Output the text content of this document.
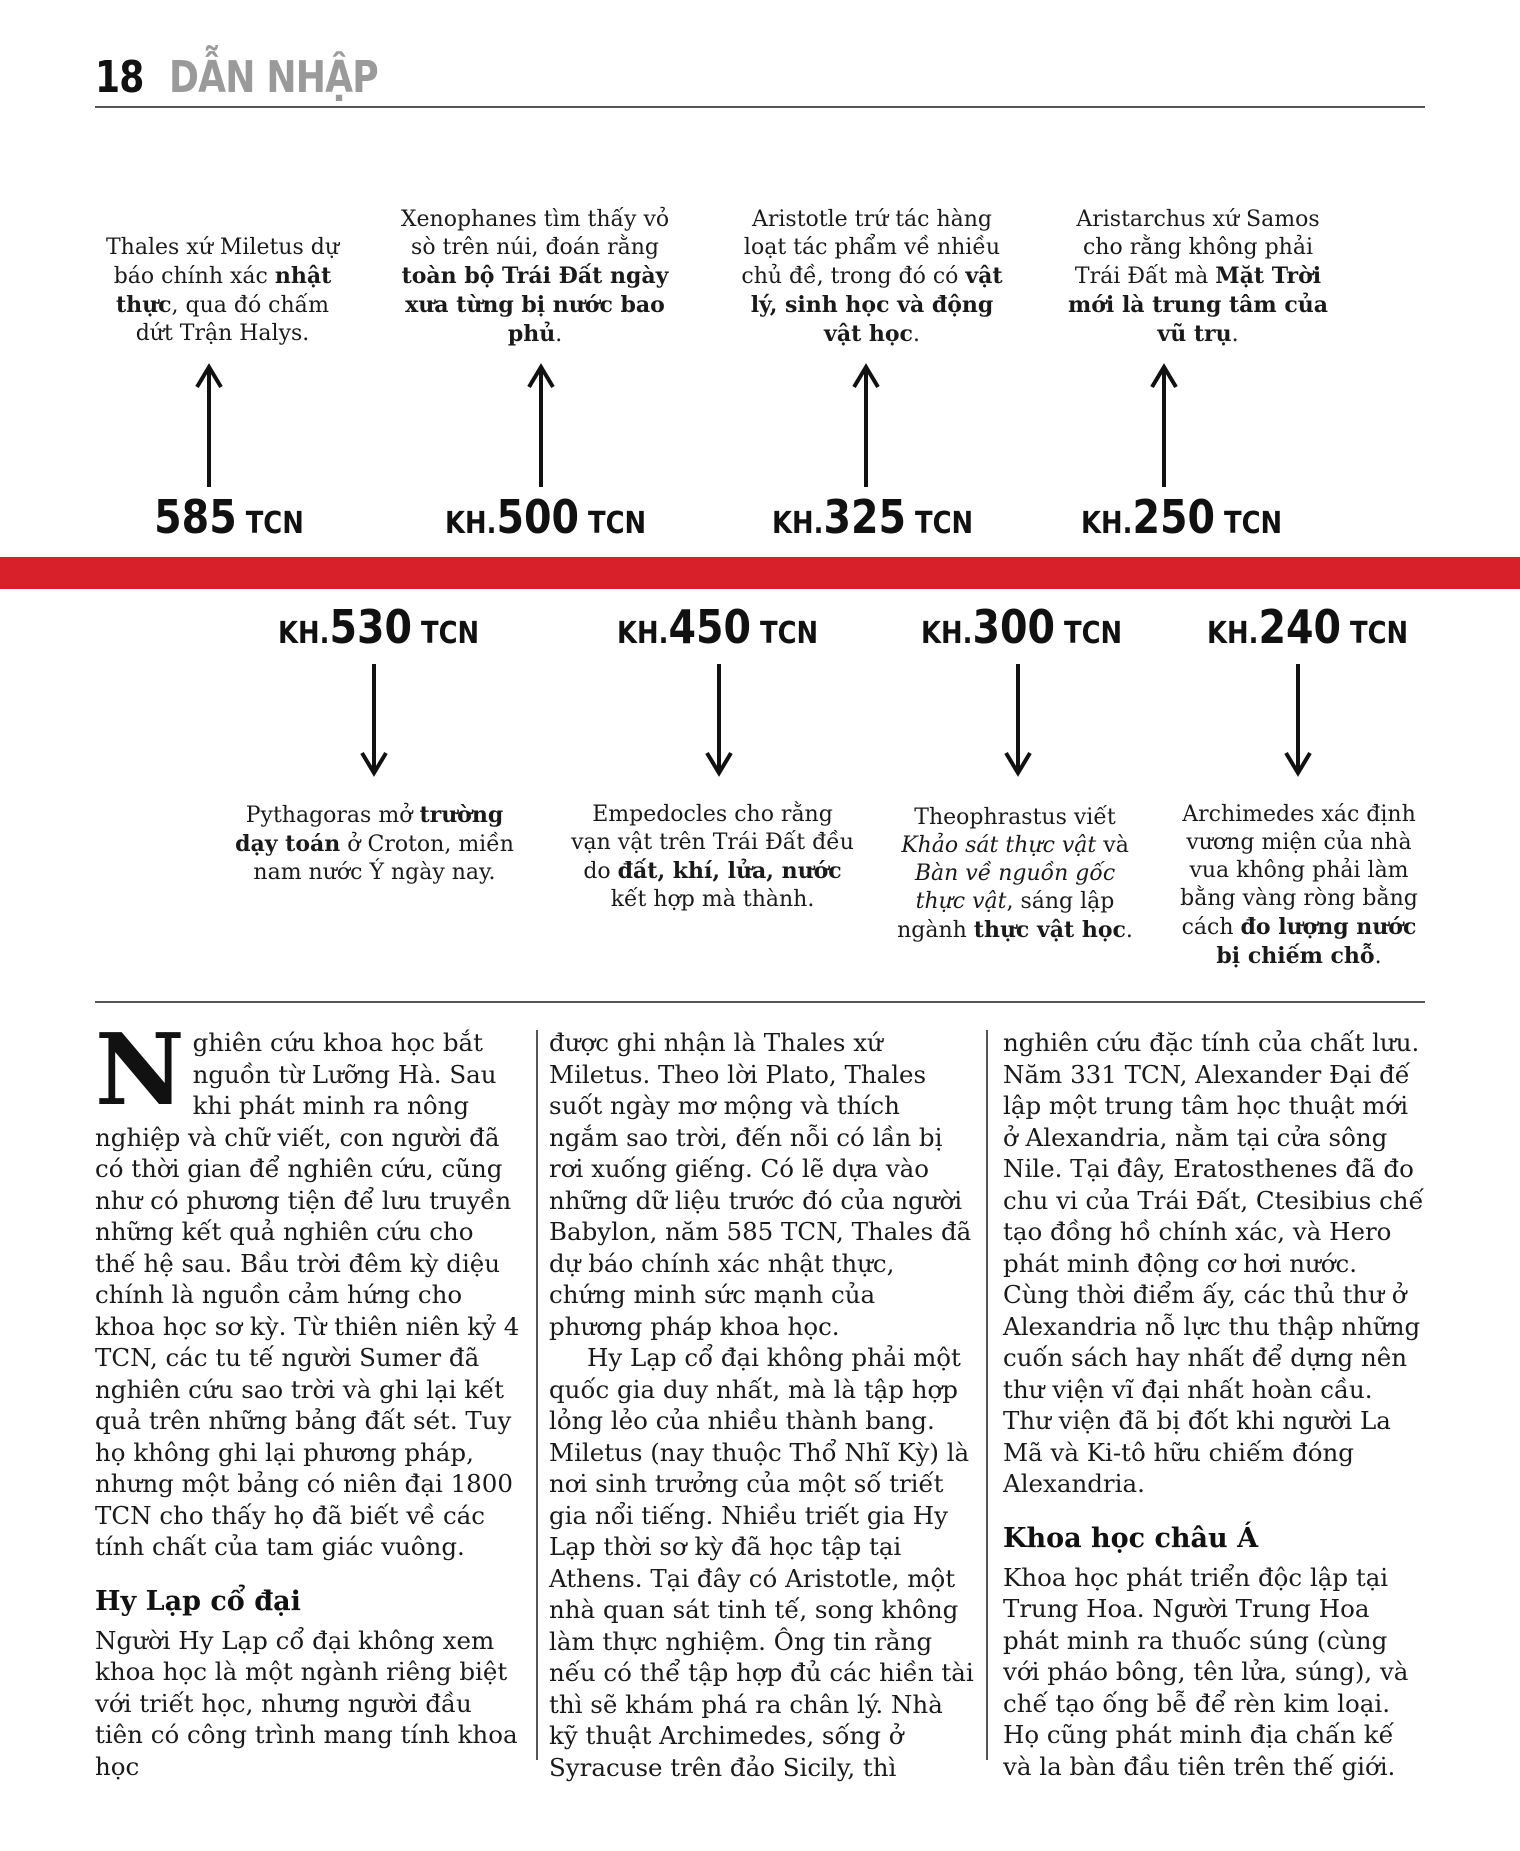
18 DẪN NHẬP
Thales xứ Miletus dự báo chính xác nhật thực, qua đó chấm dứt Trận Halys.
Xenophanes tìm thấy vỏ sò trên núi, đoán rằng toàn bộ Trái Đất ngày xưa từng bị nước bao phủ.
Aristotle trứ tác hàng loạt tác phẩm về nhiều chủ đề, trong đó có vật lý, sinh học và động vật học.
Aristarchus xứ Samos cho rằng không phải Trái Đất mà Mặt Trời mới là trung tâm của vũ trụ.
585 TCN	KH.500 TCN	KH.325 TCN	KH.250 TCN
KH.530 TCN	KH.450 TCN	KH.300 TCN	KH.240 TCN
Pythagoras mở trường dạy toán ở Croton, miền nam nước Ý ngày nay.
Empedocles cho rằng vạn vật trên Trái Đất đều do đất, khí, lửa, nước kết hợp mà thành.
Theophrastus viết Khảo sát thực vật và Bàn về nguồn gốc thực vật, sáng lập ngành thực vật học.
Archimedes xác định vương miện của nhà vua không phải làm bằng vàng ròng bằng cách đo lượng nước bị chiếm chỗ.

Nghiên cứu khoa học bắt nguồn từ Lưỡng Hà. Sau khi phát minh ra nông nghiệp và chữ viết, con người đã có thời gian để nghiên cứu, cũng như có phương tiện để lưu truyền những kết quả nghiên cứu cho thế hệ sau. Bầu trời đêm kỳ diệu chính là nguồn cảm hứng cho khoa học sơ kỳ. Từ thiên niên kỷ 4 TCN, các tu tế người Sumer đã nghiên cứu sao trời và ghi lại kết quả trên những bảng đất sét. Tuy họ không ghi lại phương pháp, nhưng một bảng có niên đại 1800 TCN cho thấy họ đã biết về các tính chất của tam giác vuông.

Hy Lạp cổ đại

Người Hy Lạp cổ đại không xem khoa học là một ngành riêng biệt với triết học, nhưng người đầu tiên có công trình mang tính khoa học

được ghi nhận là Thales xứ Miletus. Theo lời Plato, Thales suốt ngày mơ mộng và thích ngắm sao trời, đến nỗi có lần bị rơi xuống giếng. Có lẽ dựa vào những dữ liệu trước đó của người Babylon, năm 585 TCN, Thales đã dự báo chính xác nhật thực, chứng minh sức mạnh của phương pháp khoa học.

Hy Lạp cổ đại không phải một quốc gia duy nhất, mà là tập hợp lỏng lẻo của nhiều thành bang. Miletus (nay thuộc Thổ Nhĩ Kỳ) là nơi sinh trưởng của một số triết gia nổi tiếng. Nhiều triết gia Hy Lạp thời sơ kỳ đã học tập tại Athens. Tại đây có Aristotle, một nhà quan sát tinh tế, song không làm thực nghiệm. Ông tin rằng nếu có thể tập hợp đủ các hiền tài thì sẽ khám phá ra chân lý. Nhà kỹ thuật Archimedes, sống ở Syracuse trên đảo Sicily, thì

nghiên cứu đặc tính của chất lưu. Năm 331 TCN, Alexander Đại đế lập một trung tâm học thuật mới ở Alexandria, nằm tại cửa sông Nile. Tại đây, Eratosthenes đã đo chu vi của Trái Đất, Ctesibius chế tạo đồng hồ chính xác, và Hero phát minh động cơ hơi nước. Cùng thời điểm ấy, các thủ thư ở Alexandria nỗ lực thu thập những cuốn sách hay nhất để dựng nên thư viện vĩ đại nhất hoàn cầu. Thư viện đã bị đốt khi người La Mã và Ki-tô hữu chiếm đóng Alexandria.

Khoa học châu Á

Khoa học phát triển độc lập tại Trung Hoa. Người Trung Hoa phát minh ra thuốc súng (cùng với pháo bông, tên lửa, súng), và chế tạo ống bễ để rèn kim loại. Họ cũng phát minh địa chấn kế và la bàn đầu tiên trên thế giới.
